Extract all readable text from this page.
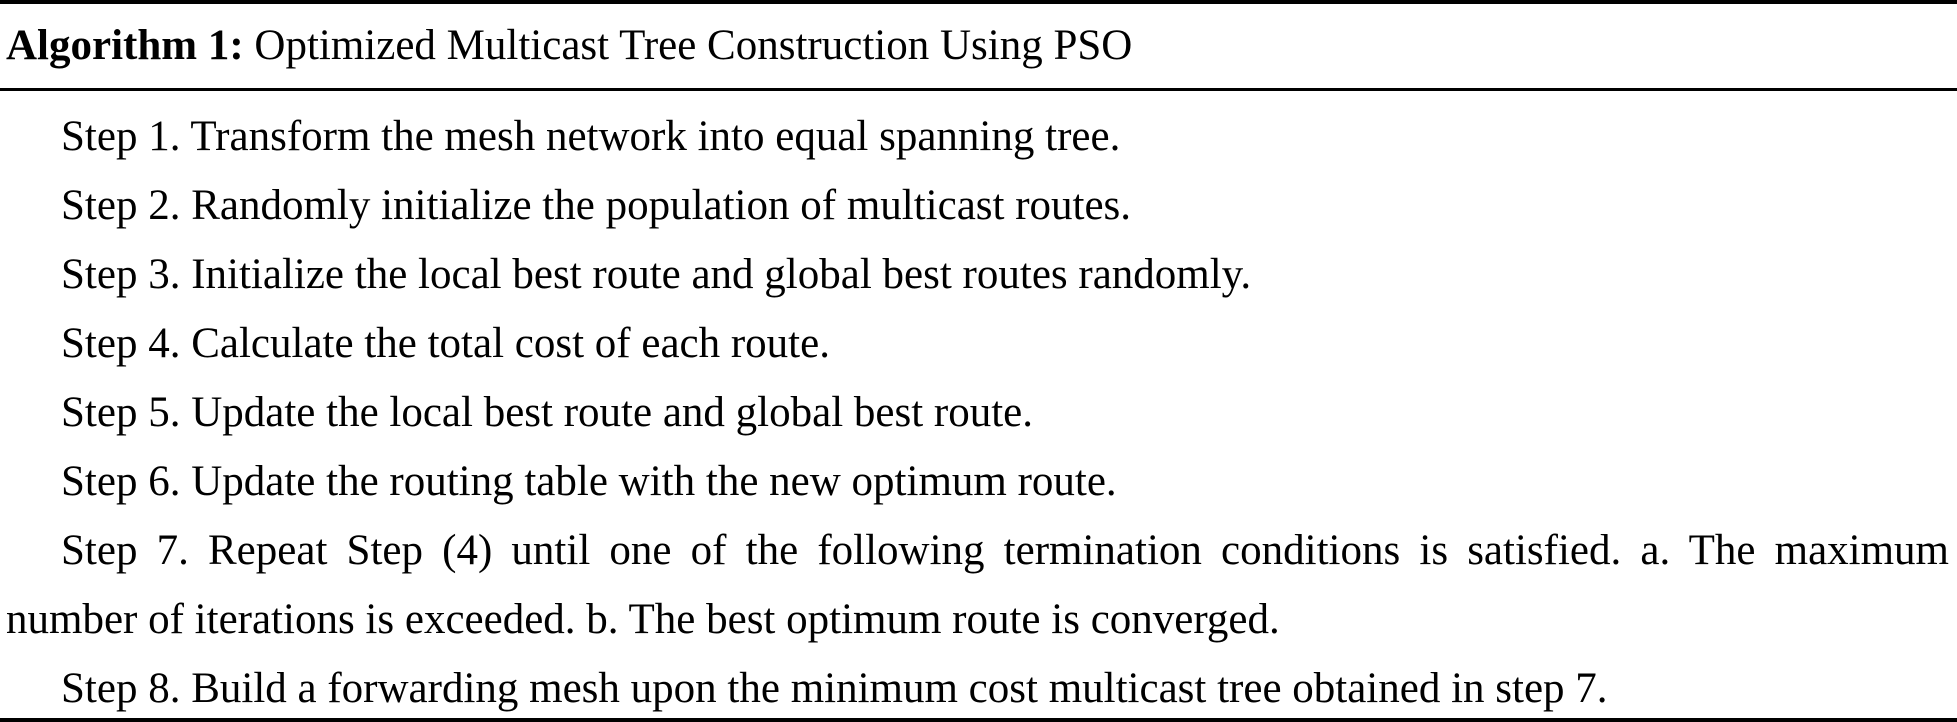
Algorithm 1: Optimized Multicast Tree Construction Using PSO

Step 1. Transform the mesh network into equal spanning tree.

Step 2. Randomly initialize the population of multicast routes.

Step 3. Initialize the local best route and global best routes randomly.

Step 4. Calculate the total cost of each route.

Step 5. Update the local best route and global best route.

Step 6. Update the routing table with the new optimum route.

Step 7. Repeat Step (4) until one of the following termination conditions is satisfied. a. The maximum number of iterations is exceeded. b. The best optimum route is converged.

Step 8. Build a forwarding mesh upon the minimum cost multicast tree obtained in step 7.
